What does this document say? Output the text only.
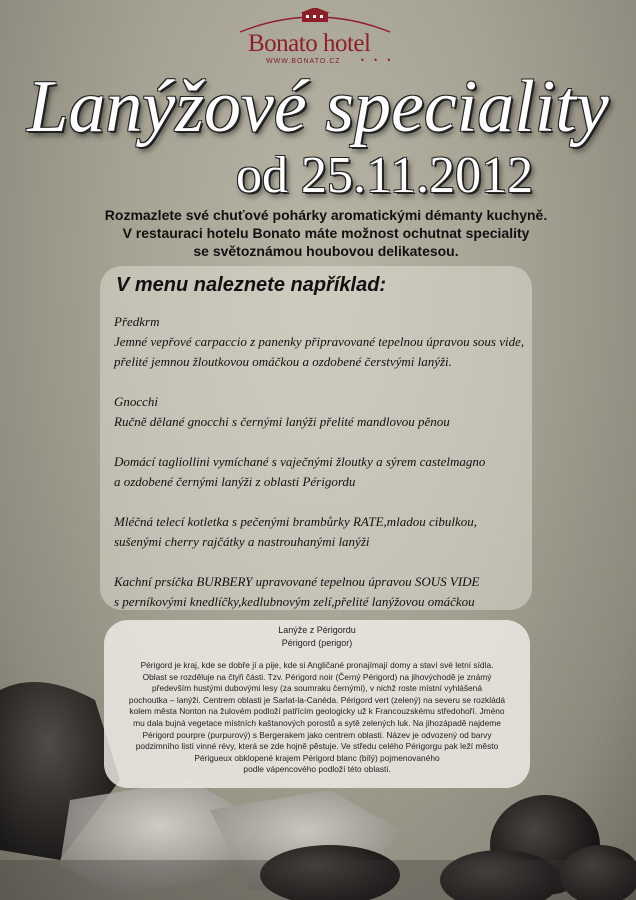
Bonato hotel
WWW.BONATO.CZ • • •
Lanýžové speciality
od 25.11.2012
Rozmazlete své chuťové pohárky aromatickými démanty kuchyně.
V restauraci hotelu Bonato máte možnost ochutnat speciality
se světoznámou houbovou delikatesou.
V menu naleznete například:
Předkrm
Jemné vepřové carpaccio z panenky připravované tepelnou úpravou sous vide,
přelité jemnou žloutkovou omáčkou a ozdobené čerstvými lanýži.
Gnocchi
Ručně dělané gnocchi s černými lanýži přelité mandlovou pěnou
Domácí tagliollini vymíchané s vaječnými žloutky a sýrem castelmagno
a ozdobené černými lanýži z oblasti Périgordu
Mléčná telecí kotletka s pečenými brambůrky RATE,mladou cibulkou,
sušenými cherry rajčátky a nastrouhanými lanýži
Kachní prsíčka BURBERY upravované tepelnou úpravou SOUS VIDE
s perníkovými knedlíčky,kedlubnovým zelí,přelité lanýžovou omáčkou
Lanýže z Périgordu
Périgord (perigor)
Périgord je kraj, kde se dobře jí a pije, kde si Angličané pronajímají domy a staví své letní sídla.
Oblast se rozděluje na čtyři části. Tzv. Périgord noir (Černý Périgord) na jihovýchodě je známý
především hustými dubovými lesy (za soumraku černými), v nichž roste místní vyhlášená
pochoutka – lanýži. Centrem oblasti je Sarlat-la-Canéda. Périgord vert (zelený) na severu se rozkládá
kolem města Nonton na žulovém podloží patřícím geologicky už k Francouzskému středohoří. Jméno
mu dala bujná vegetace místních kaštanových porostů a sytě zelených luk. Na jihozápadě najdeme
Périgord pourpre (purpurový) s Bergerakem jako centrem oblasti. Název je odvozený od barvy
podzimního listí vinné révy, která se zde hojně pěstuje. Ve středu celého Périgorgu pak leží město
Périgueux obklopené krajem Périgord blanc (bílý) pojmenovaného
podle vápencového podloží této oblasti.
